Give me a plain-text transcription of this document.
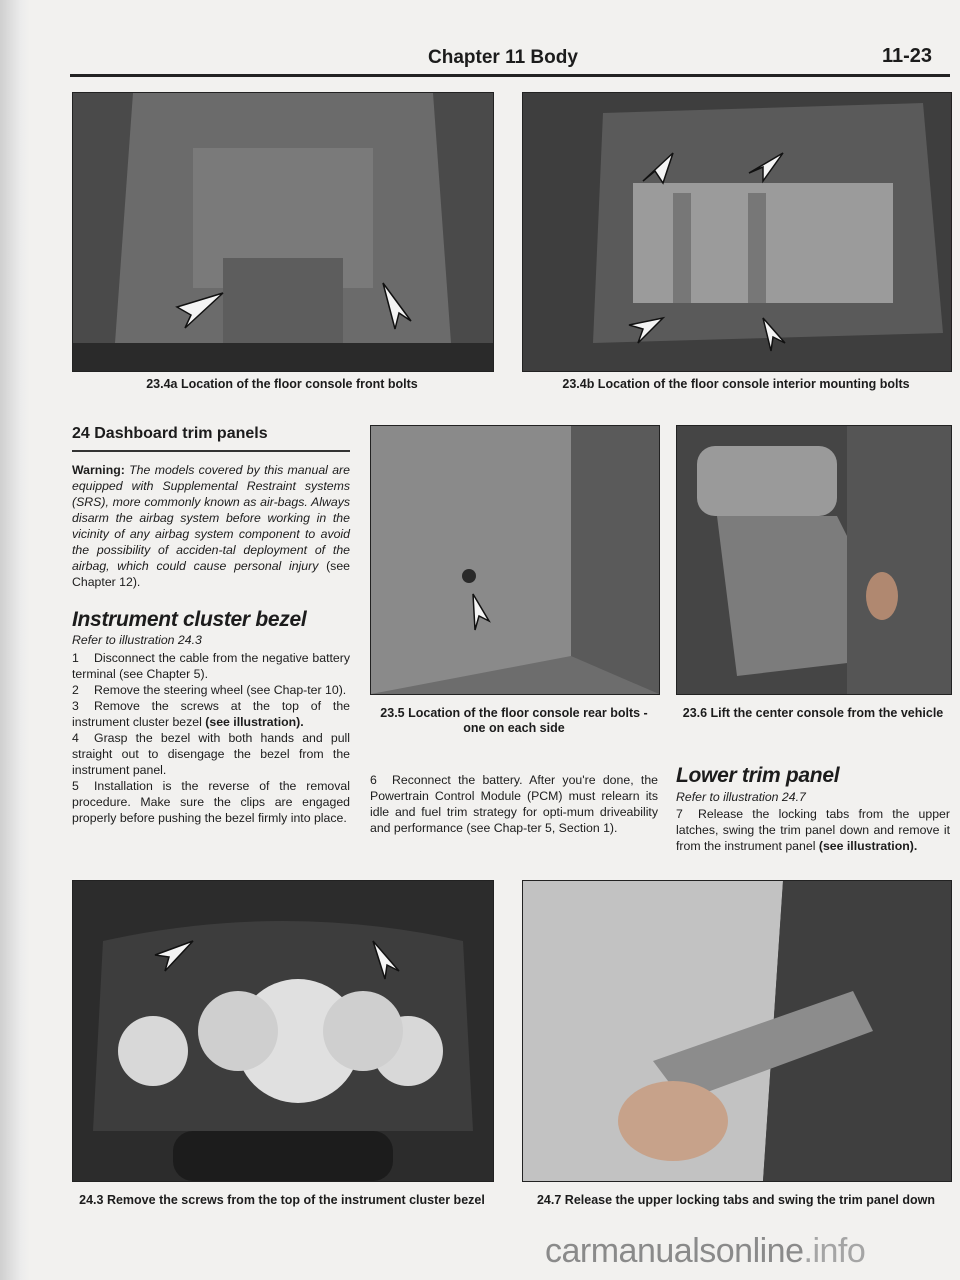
Chapter 11 Body	11-23
23.4a Location of the floor console front bolts	23.4b Location of the floor console interior mounting bolts
24 Dashboard trim panels
Warning: The models covered by this manual are equipped with Supplemental Restraint systems (SRS), more commonly known as air-bags. Always disarm the airbag system before working in the vicinity of any airbag system component to avoid the possibility of acciden-tal deployment of the airbag, which could cause personal injury (see Chapter 12).
Instrument cluster bezel
Refer to illustration 24.3

1 Disconnect the cable from the negative battery terminal (see Chapter 5).

2 Remove the steering wheel (see Chap-ter 10).

3 Remove the screws at the top of the instrument cluster bezel (see illustration).

4 Grasp the bezel with both hands and pull straight out to disengage the bezel from the instrument panel.

5 Installation is the reverse of the removal procedure. Make sure the clips are engaged properly before pushing the bezel firmly into place.

23.5 Location of the floor console rear bolts - one on each side
23.6 Lift the center console from the vehicle
6 Reconnect the battery. After you're done, the Powertrain Control Module (PCM) must relearn its idle and fuel trim strategy for opti-mum driveability and performance (see Chap-ter 5, Section 1).
Lower trim panel
Refer to illustration 24.7
7 Release the locking tabs from the upper latches, swing the trim panel down and remove it from the instrument panel (see illustration).
24.3 Remove the screws from the top of the instrument cluster bezel	24.7 Release the upper locking tabs and swing the trim panel down
carmanualsonline.info
